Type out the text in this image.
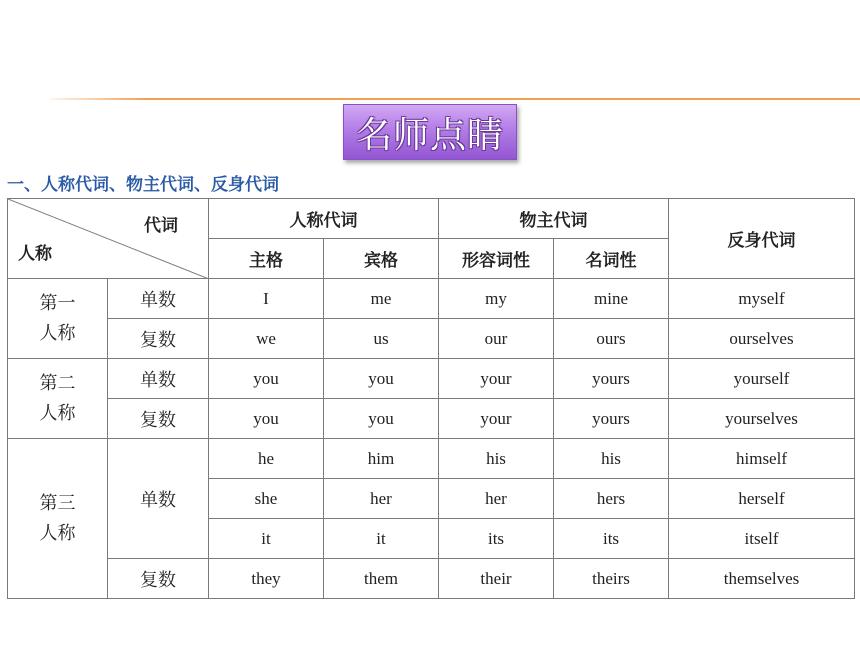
名师点睛
一、人称代词、物主代词、反身代词
代词
人称		人称代词		物主代词		反身代词
		主格	宾格	形容词性	名词性	
第一人称	单数	I	me	my	mine	myself
	复数	we	us	our	ours	ourselves
第二人称	单数	you	you	your	yours	yourself
	复数	you	you	your	yours	yourselves
第三人称	单数	he	him	his	his	himself
		she	her	her	hers	herself
		it	it	its	its	itself
	复数	they	them	their	theirs	themselves
